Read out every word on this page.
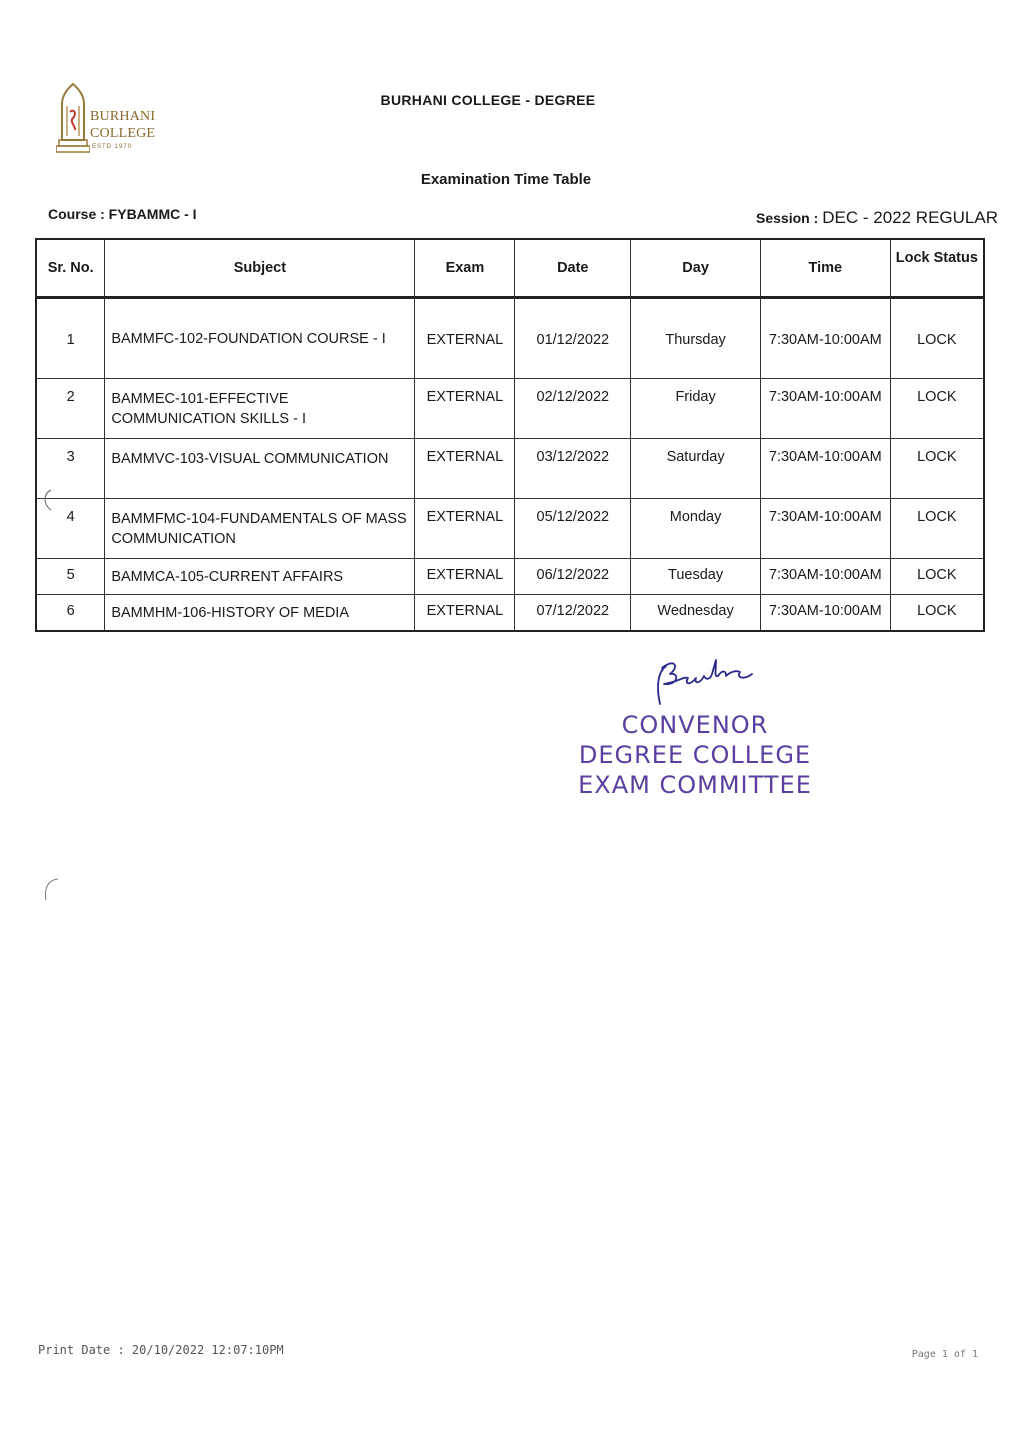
BURHANI
COLLEGE
ESTD 1970
BURHANI COLLEGE - DEGREE
Examination Time Table
Course : FYBAMMC - I	Session : DEC - 2022 REGULAR
Sr. No.	Subject	Exam	Date	Day	Time	Lock Status
1	BAMMFC-102-FOUNDATION COURSE - I	EXTERNAL	01/12/2022	Thursday	7:30AM-10:00AM	LOCK
2	BAMMEC-101-EFFECTIVE COMMUNICATION SKILLS - I	EXTERNAL	02/12/2022	Friday	7:30AM-10:00AM	LOCK
3	BAMMVC-103-VISUAL COMMUNICATION	EXTERNAL	03/12/2022	Saturday	7:30AM-10:00AM	LOCK
4	BAMMFMC-104-FUNDAMENTALS OF MASS COMMUNICATION	EXTERNAL	05/12/2022	Monday	7:30AM-10:00AM	LOCK
5	BAMMCA-105-CURRENT AFFAIRS	EXTERNAL	06/12/2022	Tuesday	7:30AM-10:00AM	LOCK
6	BAMMHM-106-HISTORY OF MEDIA	EXTERNAL	07/12/2022	Wednesday	7:30AM-10:00AM	LOCK
CONVENOR
DEGREE COLLEGE
EXAM COMMITTEE
Print Date : 20/10/2022 12:07:10PM	Page 1 of 1
